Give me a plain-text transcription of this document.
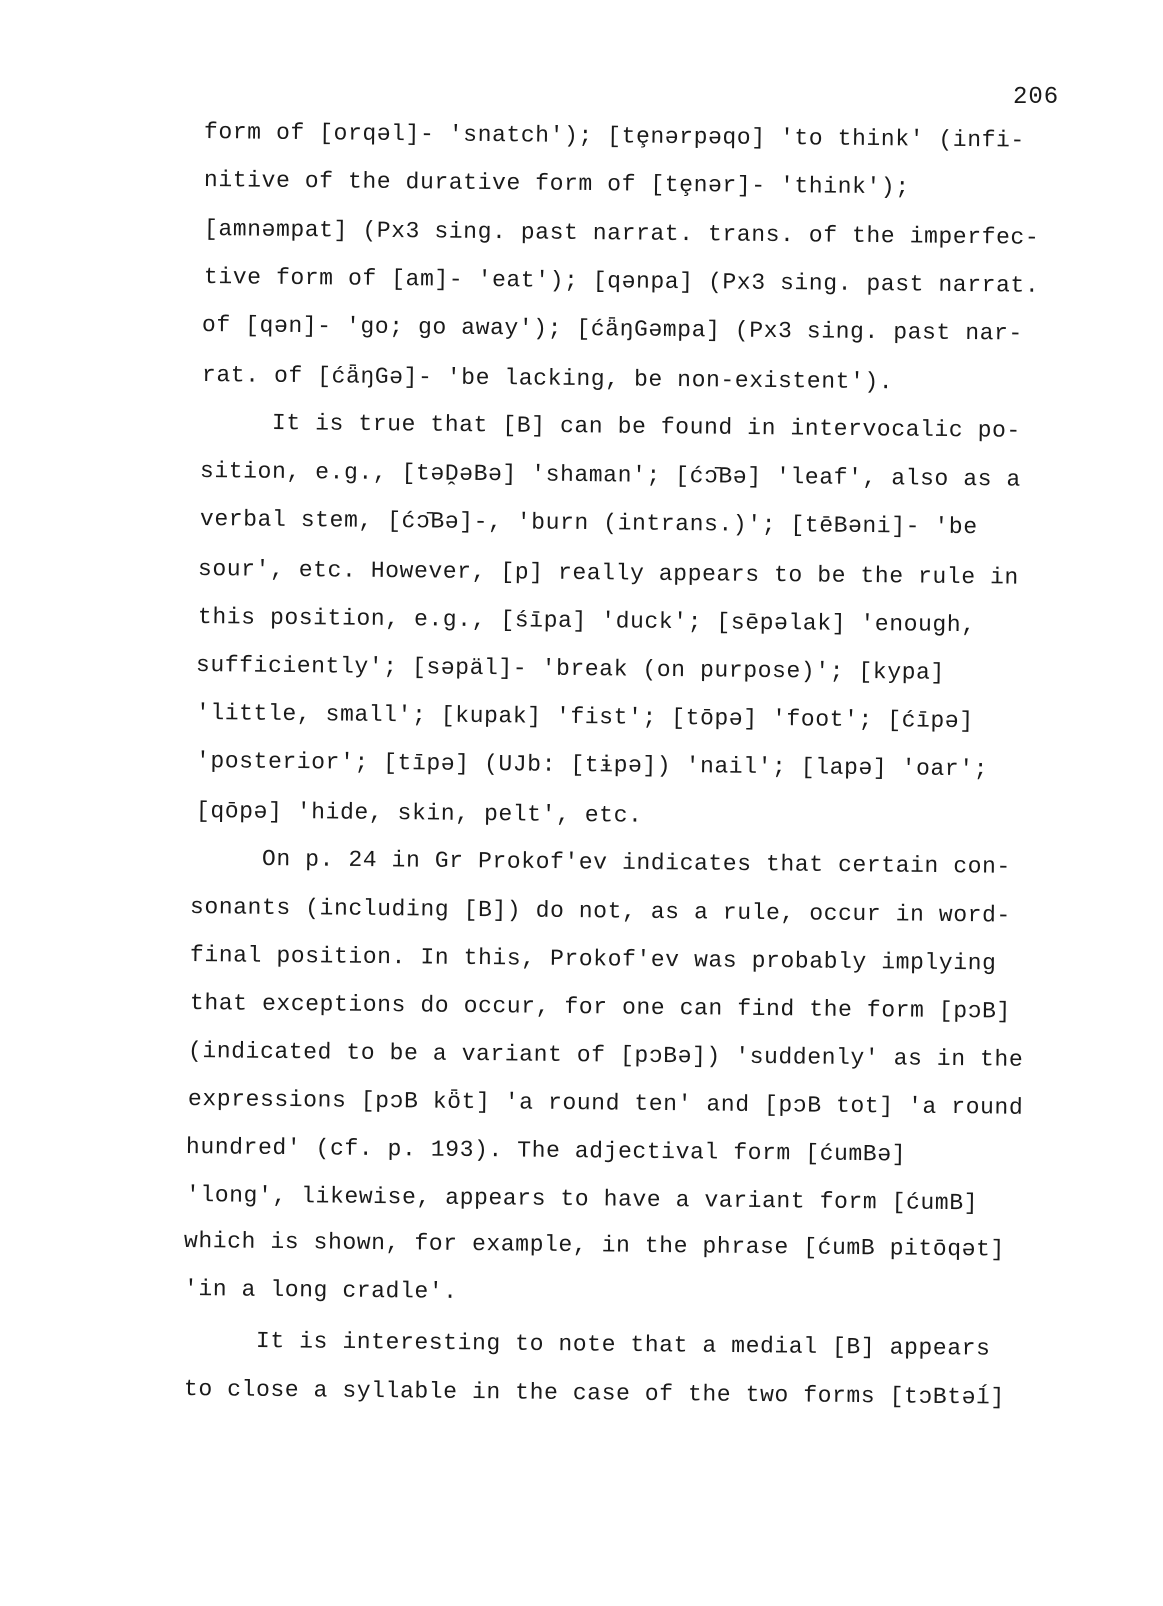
206
form of [orqəl]- 'snatch'); [tȩnərpəqo] 'to think' (infi-
nitive of the durative form of [tȩnər]- 'think');
[amnəmpat] (Px3 sing. past narrat. trans. of the imperfec-
tive form of [am]- 'eat'); [qənpa] (Px3 sing. past narrat.
of [qən]- 'go; go away'); [ćǟŋGəmpa] (Px3 sing. past nar-
rat. of [ćǟŋGə]- 'be lacking, be non-existent').
It is true that [B] can be found in intervocalic po-
sition, e.g., [təḒəBə] 'shaman'; [ćɔ̄Bə] 'leaf', also as a
verbal stem, [ćɔ̄Bə]-, 'burn (intrans.)'; [tēBəni]- 'be
sour', etc. However, [p] really appears to be the rule in
this position, e.g., [śīpa] 'duck'; [sēpəlak] 'enough,
sufficiently'; [səpäl]- 'break (on purpose)'; [kypa]
'little, small'; [kupak] 'fist'; [tōpə] 'foot'; [ćīpə]
'posterior'; [tīpə] (UJb: [tɨpə]) 'nail'; [lapə] 'oar';
[qōpə] 'hide, skin, pelt', etc.
On p. 24 in Gr Prokof'ev indicates that certain con-
sonants (including [B]) do not, as a rule, occur in word-
final position. In this, Prokof'ev was probably implying
that exceptions do occur, for one can find the form [pɔB]
(indicated to be a variant of [pɔBə]) 'suddenly' as in the
expressions [pɔB kȫt] 'a round ten' and [pɔB tot] 'a round
hundred' (cf. p. 193). The adjectival form [ćumBə]
'long', likewise, appears to have a variant form [ćumB]
which is shown, for example, in the phrase [ćumB pitōqət]
'in a long cradle'.
It is interesting to note that a medial [B] appears
to close a syllable in the case of the two forms [tɔBtəĺ]
